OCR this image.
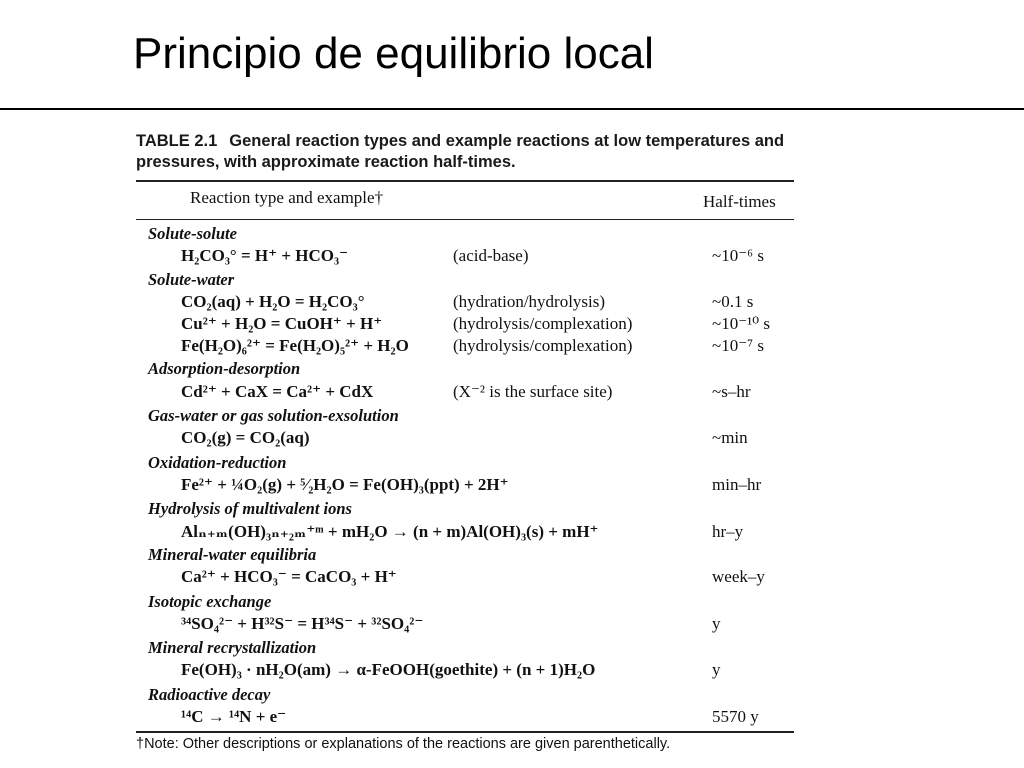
Principio de equilibrio local
TABLE 2.1 General reaction types and example reactions at low temperatures and pressures, with approximate reaction half-times.
Reaction type and example†	Half-times
Solute-solute
H₂CO₃° = H⁺ + HCO₃⁻	(acid-base)	~10⁻⁶ s
Solute-water
CO₂(aq) + H₂O = H₂CO₃°	(hydration/hydrolysis)	~0.1 s
Cu²⁺ + H₂O = CuOH⁺ + H⁺	(hydrolysis/complexation)	~10⁻¹⁰ s
Fe(H₂O)₆²⁺ = Fe(H₂O)₅²⁺ + H₂O	(hydrolysis/complexation)	~10⁻⁷ s
Adsorption-desorption
Cd²⁺ + CaX = Ca²⁺ + CdX	(X⁻² is the surface site)	~s–hr
Gas-water or gas solution-exsolution
CO₂(g) = CO₂(aq)	~min
Oxidation-reduction
Fe²⁺ + ¼O₂(g) + ⁵⁄₂H₂O = Fe(OH)₃(ppt) + 2H⁺	min–hr
Hydrolysis of multivalent ions
Alₙ₊ₘ(OH)₃ₙ₊₂ₘ⁺ᵐ + mH₂O → (n + m)Al(OH)₃(s) + mH⁺	hr–y
Mineral-water equilibria
Ca²⁺ + HCO₃⁻ = CaCO₃ + H⁺	week–y
Isotopic exchange
³⁴SO₄²⁻ + H³²S⁻ = H³⁴S⁻ + ³²SO₄²⁻	y
Mineral recrystallization
Fe(OH)₃ · nH₂O(am) → α-FeOOH(goethite) + (n + 1)H₂O	y
Radioactive decay
¹⁴C → ¹⁴N + e⁻	5570 y
†Note: Other descriptions or explanations of the reactions are given parenthetically.
